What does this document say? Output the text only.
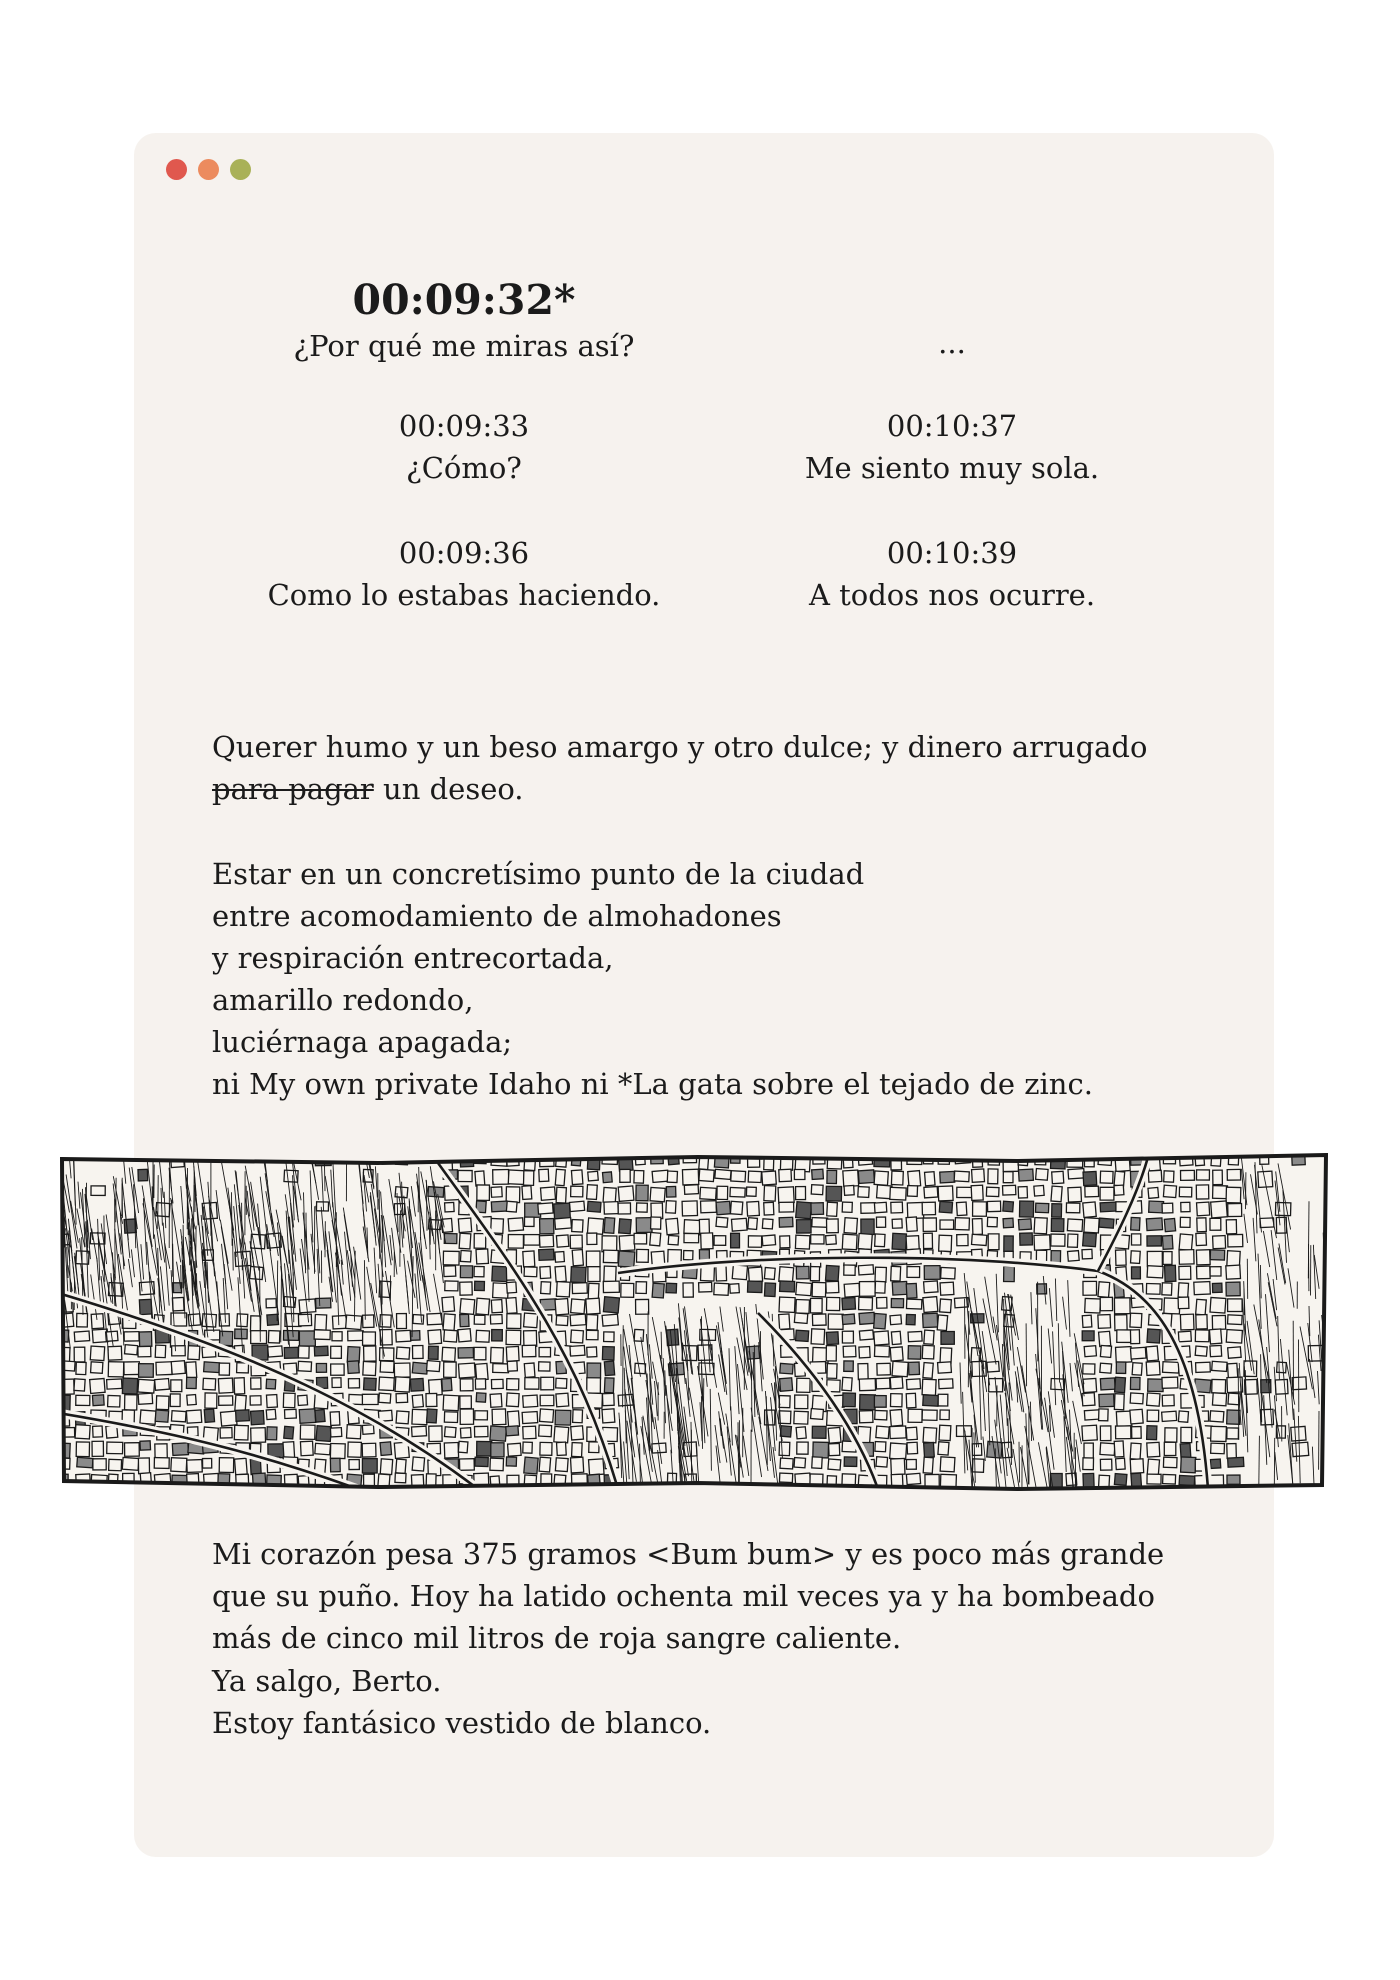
00:09:32*
¿Por qué me miras así?
00:09:33
¿Cómo?
00:09:36
Como lo estabas haciendo.
...
00:10:37
Me siento muy sola.
00:10:39
A todos nos ocurre.
Querer humo y un beso amargo y otro dulce; y dinero arrugado
para pagar un deseo.
Estar en un concretísimo punto de la ciudad
entre acomodamiento de almohadones
y respiración entrecortada,
amarillo redondo,
luciérnaga apagada;
ni My own private Idaho ni *La gata sobre el tejado de zinc.
Mi corazón pesa 375 gramos <Bum bum> y es poco más grande
que su puño. Hoy ha latido ochenta mil veces ya y ha bombeado
más de cinco mil litros de roja sangre caliente.
Ya salgo, Berto.
Estoy fantásico vestido de blanco.
